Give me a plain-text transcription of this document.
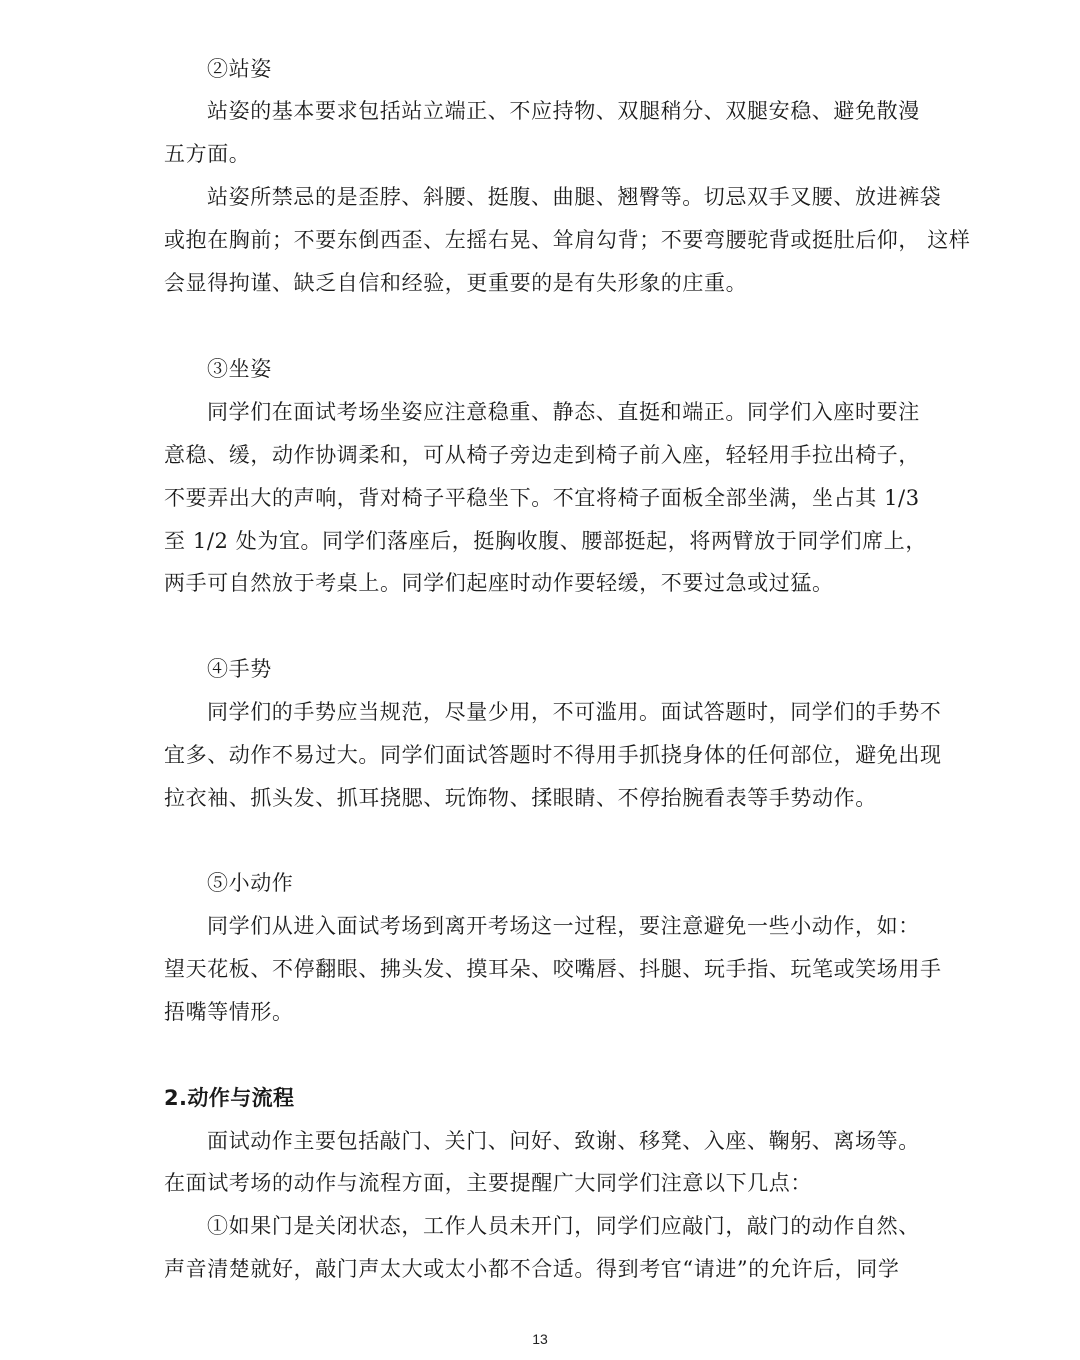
②站姿
站姿的基本要求包括站立端正、不应持物、双腿稍分、双腿安稳、避免散漫
五方面。
站姿所禁忌的是歪脖、斜腰、挺腹、曲腿、翘臀等。切忌双手叉腰、放进裤袋
或抱在胸前；不要东倒西歪、左摇右晃、耸肩勾背；不要弯腰驼背或挺肚后仰， 这样
会显得拘谨、缺乏自信和经验，更重要的是有失形象的庄重。
③坐姿
同学们在面试考场坐姿应注意稳重、静态、直挺和端正。同学们入座时要注
意稳、缓，动作协调柔和，可从椅子旁边走到椅子前入座，轻轻用手拉出椅子，
不要弄出大的声响，背对椅子平稳坐下。不宜将椅子面板全部坐满，坐占其 1/3
至 1/2 处为宜。同学们落座后，挺胸收腹、腰部挺起，将两臂放于同学们席上，
两手可自然放于考桌上。同学们起座时动作要轻缓，不要过急或过猛。
④手势
同学们的手势应当规范，尽量少用，不可滥用。面试答题时，同学们的手势不
宜多、动作不易过大。同学们面试答题时不得用手抓挠身体的任何部位，避免出现
拉衣袖、抓头发、抓耳挠腮、玩饰物、揉眼睛、不停抬腕看表等手势动作。
⑤小动作
同学们从进入面试考场到离开考场这一过程，要注意避免一些小动作，如：
望天花板、不停翻眼、拂头发、摸耳朵、咬嘴唇、抖腿、玩手指、玩笔或笑场用手
捂嘴等情形。
2.动作与流程
面试动作主要包括敲门、关门、问好、致谢、移凳、入座、鞠躬、离场等。
在面试考场的动作与流程方面，主要提醒广大同学们注意以下几点：
①如果门是关闭状态，工作人员未开门，同学们应敲门，敲门的动作自然、
声音清楚就好，敲门声太大或太小都不合适。得到考官“请进”的允许后，同学
13
